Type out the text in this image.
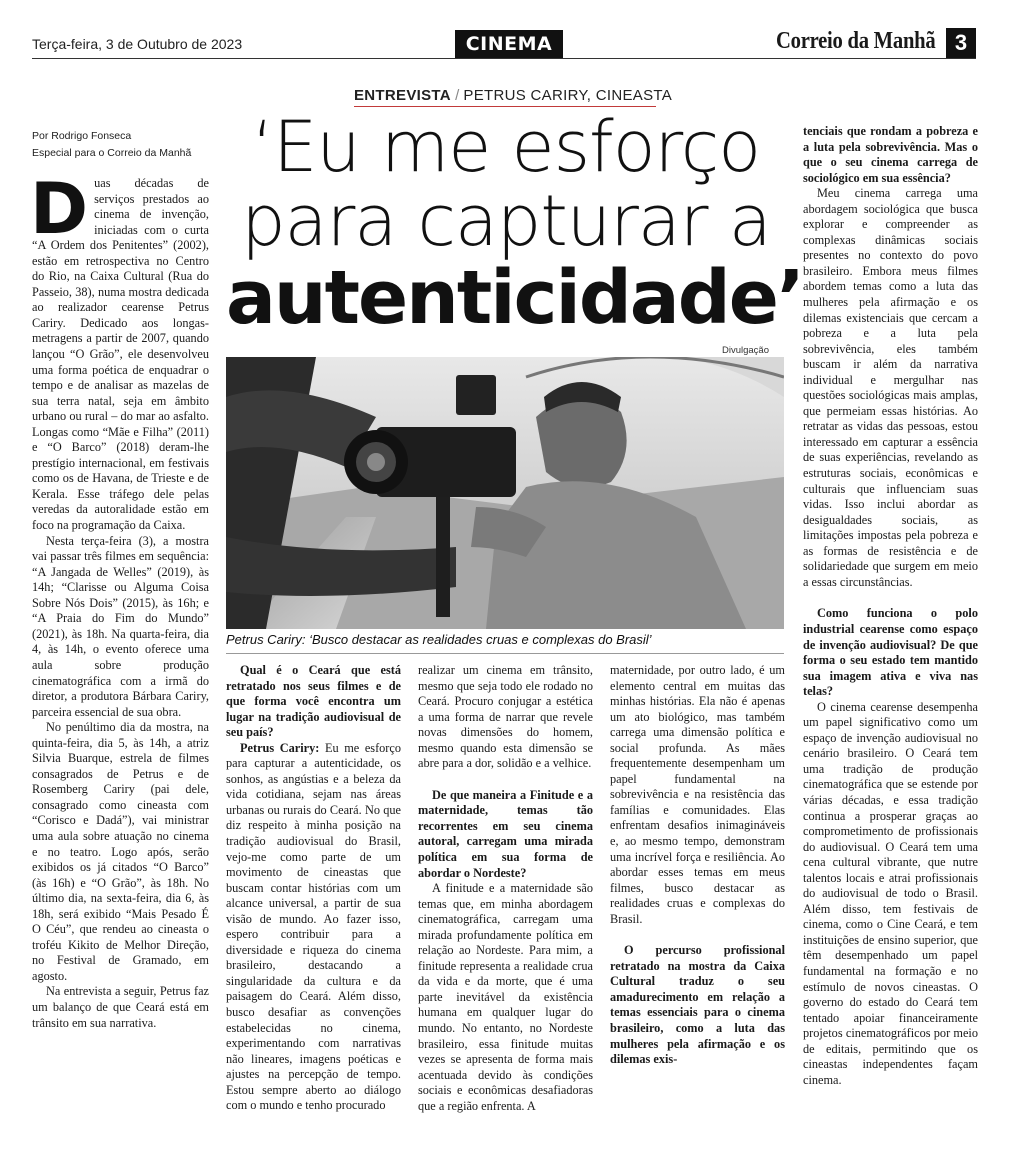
Terça-feira, 3 de Outubro de 2023	CINEMA	Correio da Manhã 3
ENTREVISTA / PETRUS CARIRY, CINEASTA
Por Rodrigo Fonseca
Especial para o Correio da Manhã ‘Eu me esforço
para capturar a
autenticidade’
Divulgação
Petrus Cariry: ‘Busco destacar as realidades cruas e complexas do Brasil’

Duas décadas de serviços prestados ao cinema de invenção, iniciadas com o curta “A Ordem dos Penitentes” (2002), estão em retrospectiva no Centro do Rio, na Caixa Cultural (Rua do Passeio, 38), numa mostra dedicada ao realizador cearense Petrus Cariry. Dedicado aos longas-metragens a partir de 2007, quando lançou “O Grão”, ele desenvolveu uma forma poética de enquadrar o tempo e de analisar as mazelas de sua terra natal, seja em âmbito urbano ou rural – do mar ao asfalto. Longas como “Mãe e Filha” (2011) e “O Barco” (2018) deram-lhe prestígio internacional, em festivais como os de Havana, de Trieste e de Kerala. Esse tráfego dele pelas veredas da autoralidade estão em foco na programação da Caixa.

Nesta terça-feira (3), a mostra vai passar três filmes em sequência: “A Jangada de Welles” (2019), às 14h; “Clarisse ou Alguma Coisa Sobre Nós Dois” (2015), às 16h; e “A Praia do Fim do Mundo” (2021), às 18h. Na quarta-feira, dia 4, às 14h, o evento oferece uma aula sobre produção cinematográfica com a irmã do diretor, a produtora Bárbara Cariry, parceira essencial de sua obra.

No penúltimo dia da mostra, na quinta-feira, dia 5, às 14h, a atriz Silvia Buarque, estrela de filmes consagrados de Petrus e de Rosemberg Cariry (pai dele, consagrado como cineasta com “Corisco e Dadá”), vai ministrar uma aula sobre atuação no cinema e no teatro. Logo após, serão exibidos os já citados “O Barco” (às 16h) e “O Grão”, às 18h. No último dia, na sexta-feira, dia 6, às 18h, será exibido “Mais Pesado É O Céu”, que rendeu ao cineasta o troféu Kikito de Melhor Direção, no Festival de Gramado, em agosto.

Na entrevista a seguir, Petrus faz um balanço de que Ceará está em trânsito em sua narrativa.

Qual é o Ceará que está retratado nos seus filmes e de que forma você encontra um lugar na tradição audiovisual de seu país?

Petrus Cariry: Eu me esforço para capturar a autenticidade, os sonhos, as angústias e a beleza da vida cotidiana, sejam nas áreas urbanas ou rurais do Ceará. No que diz respeito à minha posição na tradição audiovisual do Brasil, vejo-me como parte de um movimento de cineastas que buscam contar histórias com um alcance universal, a partir de sua visão de mundo. Ao fazer isso, espero contribuir para a diversidade e riqueza do cinema brasileiro, destacando a singularidade da cultura e da paisagem do Ceará. Além disso, busco desafiar as convenções estabelecidas no cinema, experimentando com narrativas não lineares, imagens poéticas e ajustes na percepção de tempo. Estou sempre aberto ao diálogo com o mundo e tenho procurado

realizar um cinema em trânsito, mesmo que seja todo ele rodado no Ceará. Procuro conjugar a estética a uma forma de narrar que revele novas dimensões do homem, mesmo quando esta dimensão se abre para a dor, solidão e a velhice.

De que maneira a Finitude e a maternidade, temas tão recorrentes em seu cinema autoral, carregam uma mirada política em sua forma de abordar o Nordeste?

A finitude e a maternidade são temas que, em minha abordagem cinematográfica, carregam uma mirada profundamente política em relação ao Nordeste. Para mim, a finitude representa a realidade crua da vida e da morte, que é uma parte inevitável da existência humana em qualquer lugar do mundo. No entanto, no Nordeste brasileiro, essa finitude muitas vezes se apresenta de forma mais acentuada devido às condições sociais e econômicas desafiadoras que a região enfrenta. A

maternidade, por outro lado, é um elemento central em muitas das minhas histórias. Ela não é apenas um ato biológico, mas também carrega uma dimensão política e social profunda. As mães frequentemente desempenham um papel fundamental na sobrevivência e na resistência das famílias e comunidades. Elas enfrentam desafios inimagináveis e, ao mesmo tempo, demonstram uma incrível força e resiliência. Ao abordar esses temas em meus filmes, busco destacar as realidades cruas e complexas do Brasil.

O percurso profissional retratado na mostra da Caixa Cultural traduz o seu amadurecimento em relação a temas essenciais para o cinema brasileiro, como a luta das mulheres pela afirmação e os dilemas exis-

tenciais que rondam a pobreza e a luta pela sobrevivência. Mas o que o seu cinema carrega de sociológico em sua essência?

Meu cinema carrega uma abordagem sociológica que busca explorar e compreender as complexas dinâmicas sociais presentes no contexto do povo brasileiro. Embora meus filmes abordem temas como a luta das mulheres pela afirmação e os dilemas existenciais que cercam a pobreza e a luta pela sobrevivência, eles também buscam ir além da narrativa individual e mergulhar nas questões sociológicas mais amplas, que permeiam essas histórias. Ao retratar as vidas das pessoas, estou interessado em capturar a essência de suas experiências, revelando as estruturas sociais, econômicas e culturais que influenciam suas vidas. Isso inclui abordar as desigualdades sociais, as limitações impostas pela pobreza e as formas de resistência e de solidariedade que surgem em meio a essas circunstâncias.

Como funciona o polo industrial cearense como espaço de invenção audiovisual? De que forma o seu estado tem mantido sua imagem ativa e viva nas telas?

O cinema cearense desempenha um papel significativo como um espaço de invenção audiovisual no cenário brasileiro. O Ceará tem uma tradição de produção cinematográfica que se estende por várias décadas, e essa tradição continua a prosperar graças ao comprometimento de profissionais do audiovisual. O Ceará tem uma cena cultural vibrante, que nutre talentos locais e atrai profissionais do audiovisual de todo o Brasil. Além disso, tem festivais de cinema, como o Cine Ceará, e tem instituições de ensino superior, que têm desempenhado um papel fundamental na formação e no estímulo de novos cineastas. O governo do estado do Ceará tem tentado apoiar financeiramente projetos cinematográficos por meio de editais, permitindo que os cineastas independentes façam cinema.
